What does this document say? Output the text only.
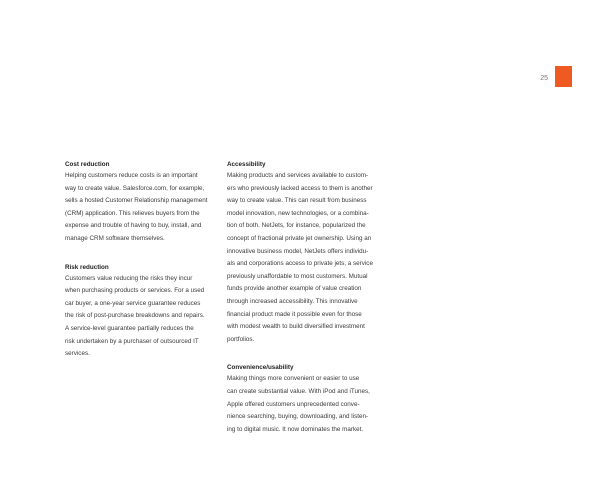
25
Cost reduction
Helping customers reduce costs is an important
way to create value. Salesforce.com, for example,
sells a hosted Customer Relationship management
(CRM) application. This relieves buyers from the
expense and trouble of having to buy, install, and
manage CRM software themselves.
Risk reduction
Customers value reducing the risks they incur
when purchasing products or services. For a used
car buyer, a one-year service guarantee reduces
the risk of post-purchase breakdowns and repairs.
A service-level guarantee partially reduces the
risk undertaken by a purchaser of outsourced IT
services.
Accessibility
Making products and services available to custom-
ers who previously lacked access to them is another
way to create value. This can result from business
model innovation, new technologies, or a combina-
tion of both. NetJets, for instance, popularized the
concept of fractional private jet ownership. Using an
innovative business model, NetJets offers individu-
als and corporations access to private jets, a service
previously unaffordable to most customers. Mutual
funds provide another example of value creation
through increased accessibility. This innovative
financial product made it possible even for those
with modest wealth to build diversified investment
portfolios.
Convenience/usability
Making things more convenient or easier to use
can create substantial value. With iPod and iTunes,
Apple offered customers unprecedented conve-
nience searching, buying, downloading, and listen-
ing to digital music. It now dominates the market.
